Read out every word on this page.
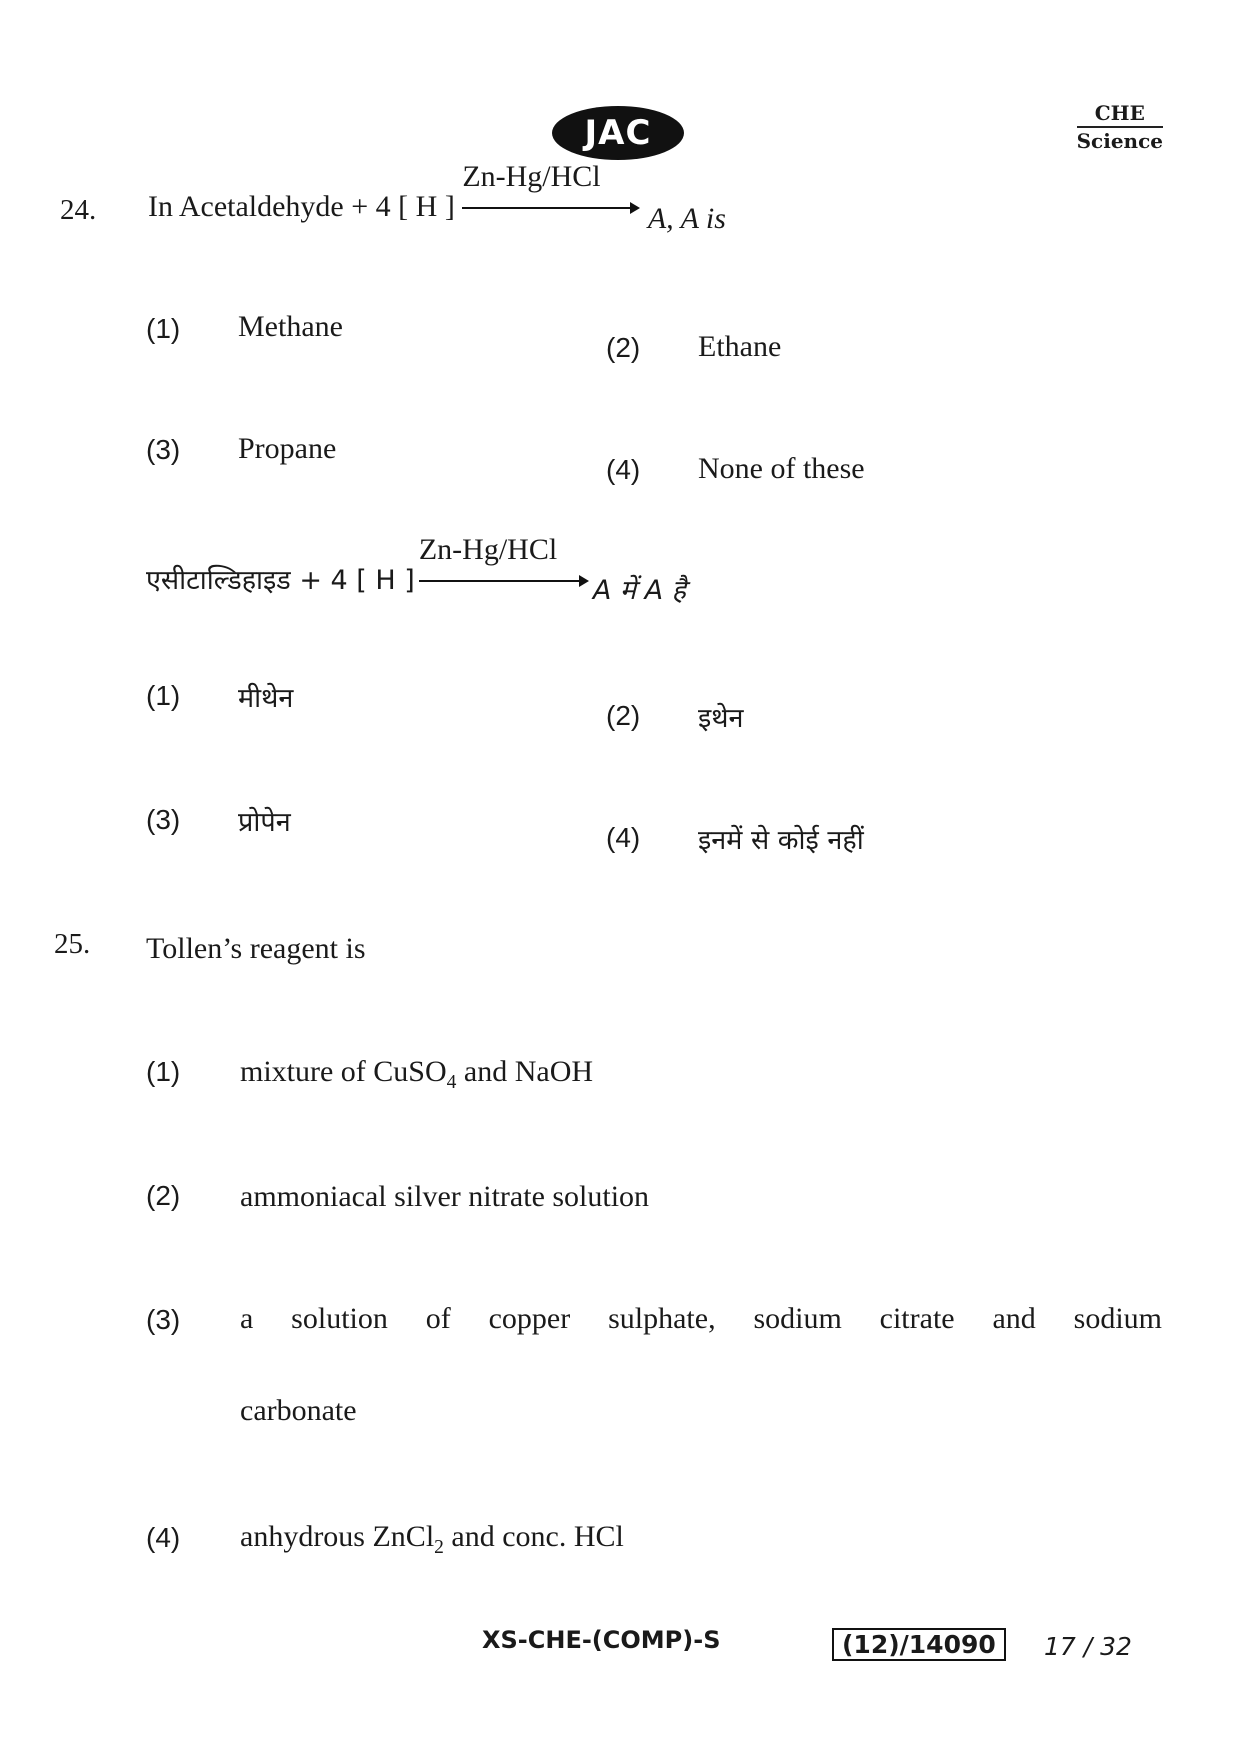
JAC	CHE
Science
24. In Acetaldehyde + 4 [ H ]
Zn-Hg/HCl
A, A is
(1) Methane
(2) Ethane
(3) Propane
(4) None of these
एसीटाल्डिहाइड + 4 [ H ]
Zn-Hg/HCl
A में A है
(1) मीथेन
(2) इथेन
(3) प्रोपेन	(4) इनमें से कोई नहीं
25. Tollen’s reagent is
(1) mixture of CuSO$_4$ and NaOH
(2) ammoniacal silver nitrate solution
(3) a solution of copper sulphate, sodium citrate and sodium
carbonate
(4) anhydrous ZnCl$_2$ and conc. HCl
XS-CHE-(COMP)-S	(12)/14090	17 / 32
